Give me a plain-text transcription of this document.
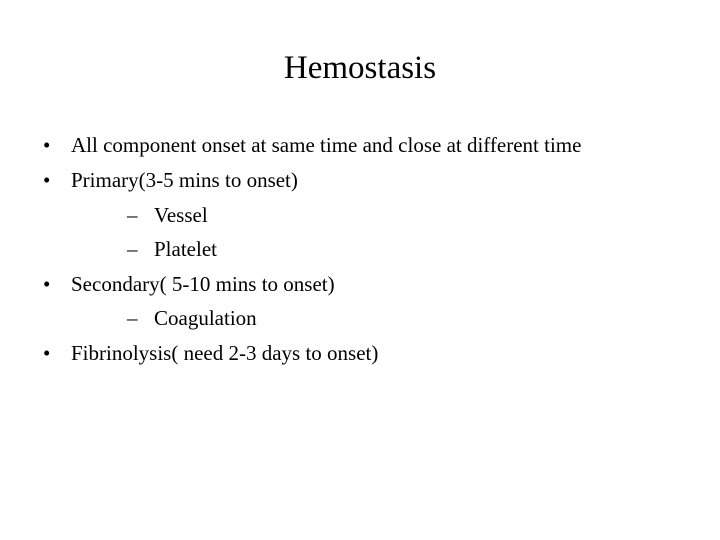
Hemostasis
• All component onset at same time and close at different time
• Primary(3-5 mins to onset)
– Vessel
– Platelet
• Secondary( 5-10 mins to onset)
– Coagulation
• Fibrinolysis( need 2-3 days to onset)
